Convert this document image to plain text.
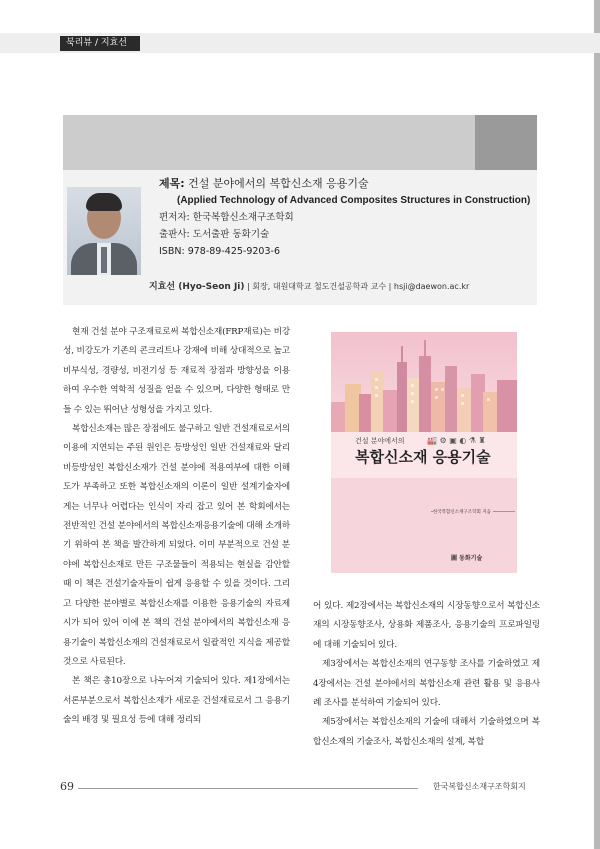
북리뷰 / 지효선
제목: 건설 분야에서의 복합신소재 응용기술
(Applied Technology of Advanced Composites Structures in Construction)
편저자: 한국복합신소재구조학회
출판사: 도서출판 동화기술
ISBN: 978-89-425-9203-6
지효선 (Hyo-Seon Ji) | 회장, 대원대학교 철도건설공학과 교수 | hsji@daewon.ac.kr

현재 건설 분야 구조재료로써 복합신소재(FRP재료)는 비강성, 비강도가 기존의 콘크리트나 강재에 비해 상대적으로 높고 비부식성, 경량성, 비전기성 등 재료적 장점과 방향성을 이용하여 우수한 역학적 성질을 얻을 수 있으며, 다양한 형태로 만들 수 있는 뛰어난 성형성을 가지고 있다.

복합신소재는 많은 장점에도 불구하고 일반 건설재료로서의 이용에 지연되는 주된 원인은 등방성인 일반 건설재료와 달리 비등방성인 복합신소재가 건설 분야에 적용여부에 대한 이해도가 부족하고 또한 복합신소재의 이론이 일반 설계기술자에게는 너무나 어렵다는 인식이 자리 잡고 있어 본 학회에서는 전반적인 건설 분야에서의 복합신소재응용기술에 대해 소개하기 위하여 본 책을 발간하게 되었다. 이미 부분적으로 건설 분야에 복합신소재로 만든 구조물들이 적용되는 현실을 감안할 때 이 책은 건설기술자들이 쉽게 응용할 수 있을 것이다. 그리고 다양한 분야별로 복합신소재를 이용한 응용기술의 자료제시가 되어 있어 이에 본 책의 건설 분야에서의 복합신소재 응용기술이 복합신소재의 건설재료로서 일괄적인 지식을 제공할 것으로 사료된다.

본 책은 총10장으로 나누어져 기술되어 있다. 제1장에서는 서론부분으로서 복합신소재가 새로운 건설재료로서 그 응용기술의 배경 및 필요성 등에 대해 정리되

건설 분야에서의	🏭 ⚙ ▣ ◐ ⚗ ♜
복합신소재 응용기술
한국복합신소재구조학회 지음
圖 동화기술

어 있다. 제2장에서는 복합신소재의 시장동향으로서 복합신소재의 시장동향조사, 상용화 제품조사, 응용기술의 프로파일링에 대해 기술되어 있다.

제3장에서는 복합신소재의 연구동향 조사를 기술하였고 제4장에서는 건설 분야에서의 복합신소재 관련 활용 및 응용사례 조사를 분석하여 기술되어 있다.

제5장에서는 복합신소재의 기술에 대해서 기술하였으며 복합신소재의 기술조사, 복합신소재의 설계, 복합

69	한국복합신소재구조학회지
